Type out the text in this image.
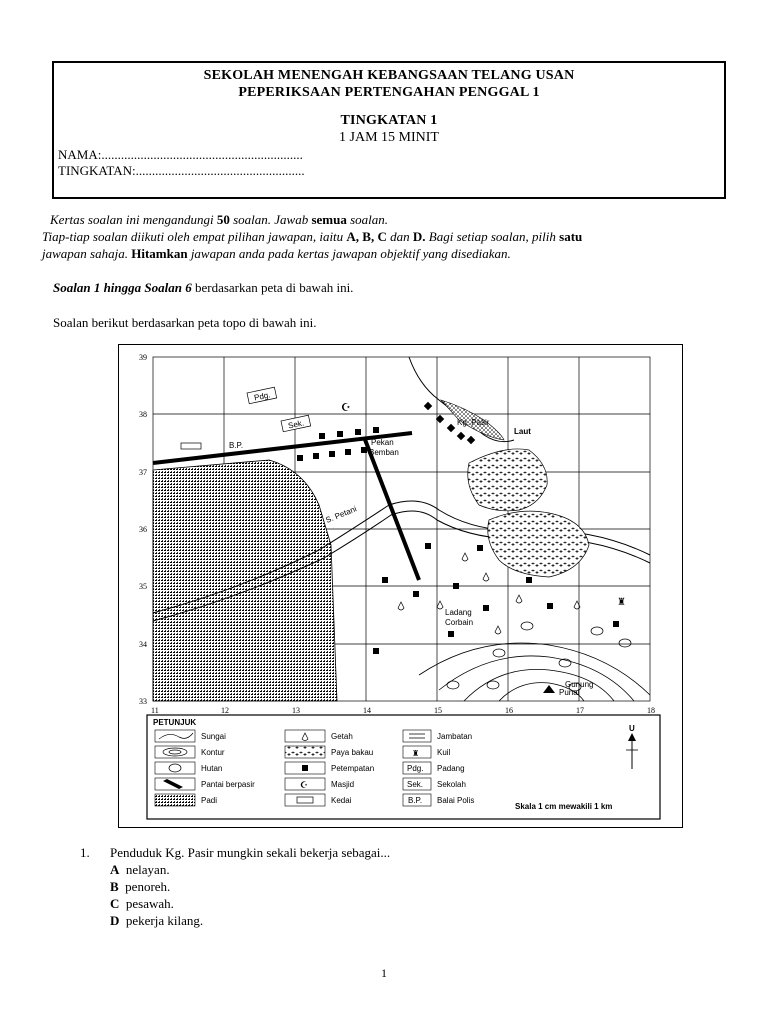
SEKOLAH MENENGAH KEBANGSAAN TELANG USAN
PEPERIKSAAN PERTENGAHAN PENGGAL 1
TINGKATAN 1
1 JAM 15 MINIT
NAMA:..............................................................
TINGKATAN:....................................................
Kertas soalan ini mengandungi 50 soalan. Jawab semua soalan.
Tiap-tiap soalan diikuti oleh empat pilihan jawapan, iaitu A, B, C dan D. Bagi setiap soalan, pilih satu
jawapan sahaja. Hitamkan jawapan anda pada kertas jawapan objektif yang disediakan.
Soalan 1 hingga Soalan 6 berdasarkan peta di bawah ini.
Soalan berikut berdasarkan peta topo di bawah ini.
39
38
37
36
35
34
33
11	12	13	14	15	16	17	18
B.P.
Pdg.
Sek.
☪
♜
Pekan
Bemban
Kg. Pasir
Laut
S. Petani
Ladang
Corbain
Gunung
Punai
PETUNJUK
Sungai
Kontur
Hutan
Pantai berpasir
Padi
Getah
Paya bakau
Petempatan
☪	Masjid
Kedai
Jambatan
♜ Kuil
Pdg. Padang
Sek. Sekolah
B.P. Balai Polis
U
Skala 1 cm mewakili 1 km
1. Penduduk Kg. Pasir mungkin sekali bekerja sebagai...
A nelayan.
B penoreh.
C pesawah.
D pekerja kilang.
1
